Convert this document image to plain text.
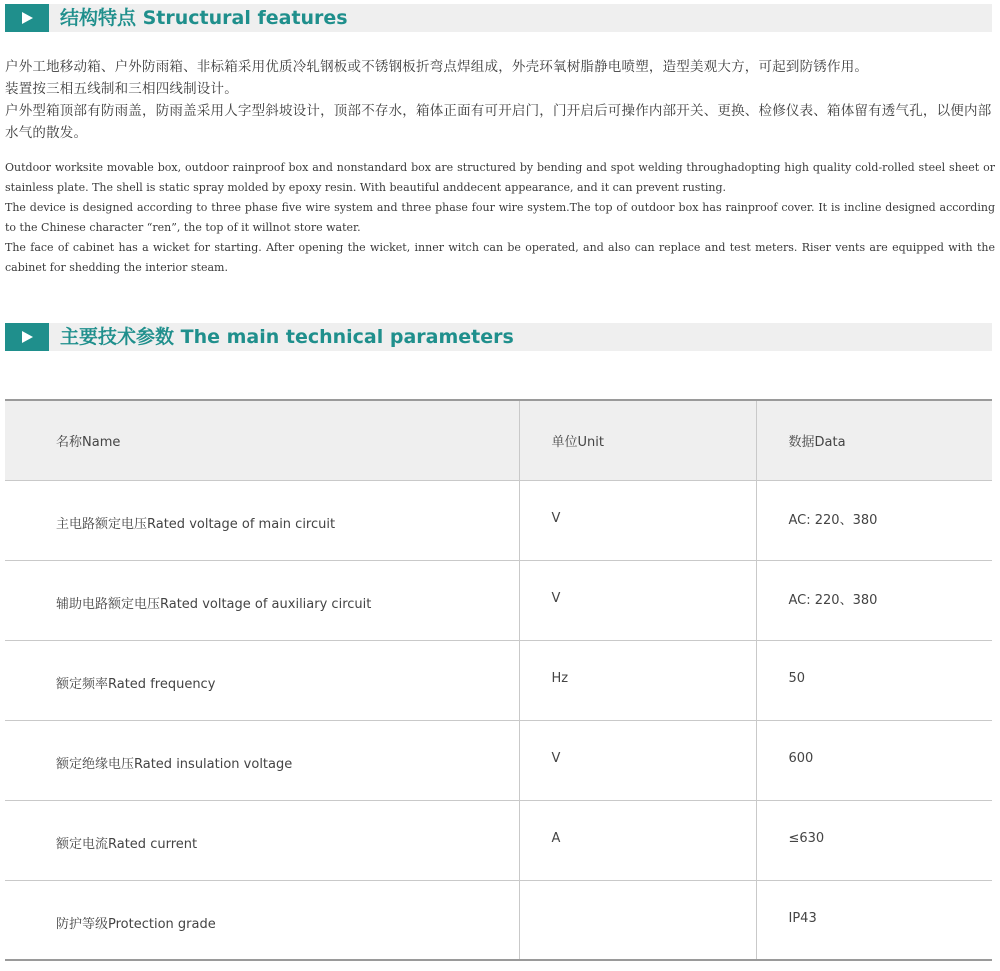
结构特点 Structural features

户外工地移动箱、户外防雨箱、非标箱采用优质冷轧钢板或不锈钢板折弯点焊组成，外壳环氧树脂静电喷塑，造型美观大方，可起到防锈作用。

装置按三相五线制和三相四线制设计。

户外型箱顶部有防雨盖，防雨盖采用人字型斜坡设计，顶部不存水，箱体正面有可开启门，门开启后可操作内部开关、更换、检修仪表、箱体留有透气孔，以便内部水气的散发。

Outdoor worksite movable box, outdoor rainproof box and nonstandard box are structured by bending and spot welding throughadopting high quality cold-rolled steel sheet or stainless plate. The shell is static spray molded by epoxy resin. With beautiful anddecent appearance, and it can prevent rusting.

The device is designed according to three phase five wire system and three phase four wire system.The top of outdoor box has rainproof cover. It is incline designed according to the Chinese character “ren”, the top of it willnot store water.

The face of cabinet has a wicket for starting. After opening the wicket, inner witch can be operated, and also can replace and test meters. Riser vents are equipped with the cabinet for shedding the interior steam.

主要技术参数 The main technical parameters
名称Name	单位Unit	数据Data
主电路额定电压Rated voltage of main circuit	V	AC: 220、380
辅助电路额定电压Rated voltage of auxiliary circuit	V	AC: 220、380
额定频率Rated frequency	Hz	50
额定绝缘电压Rated insulation voltage	V	600
额定电流Rated current	A	≤630
防护等级Protection grade		IP43
